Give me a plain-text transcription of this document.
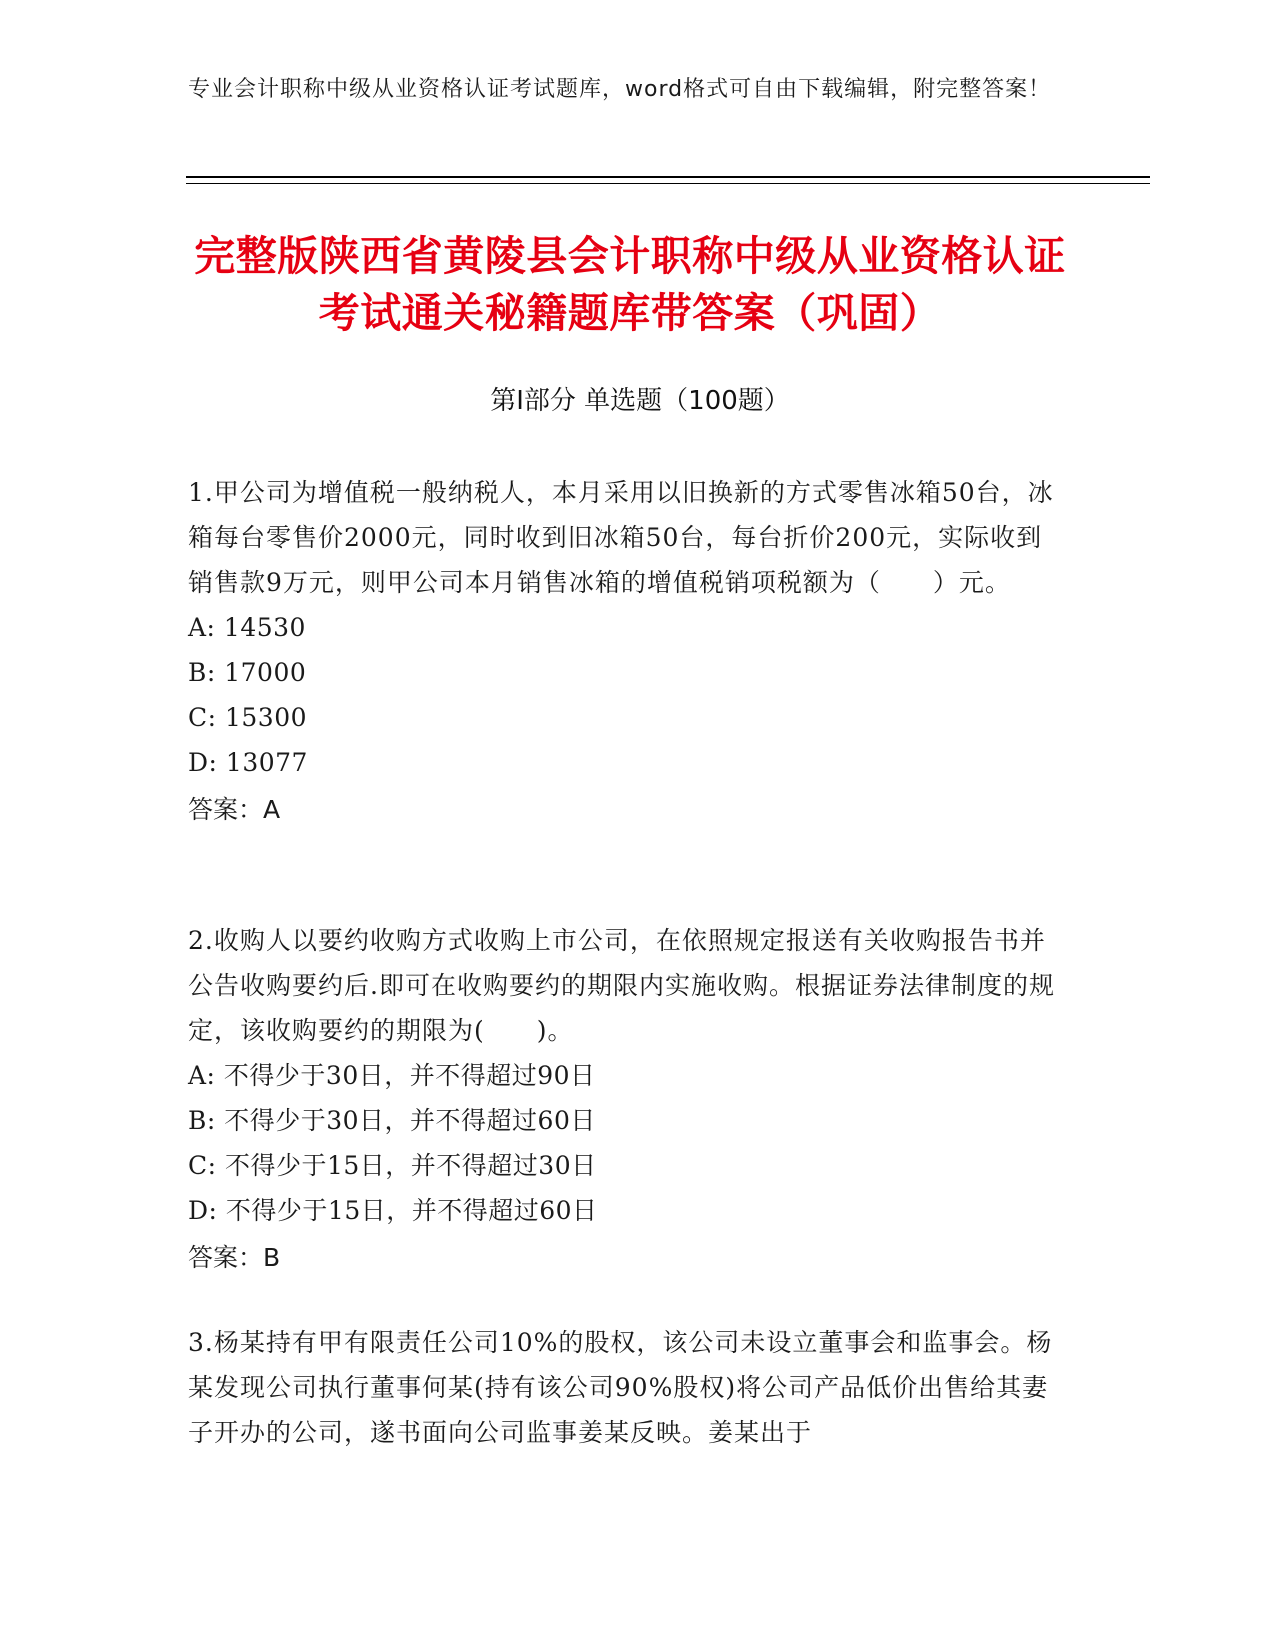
专业会计职称中级从业资格认证考试题库，word格式可自由下载编辑，附完整答案！
完整版陕西省黄陵县会计职称中级从业资格认证考试通关秘籍题库带答案（巩固）
第Ⅰ部分 单选题（100题）
1.甲公司为增值税一般纳税人，本月采用以旧换新的方式零售冰箱50台，冰箱每台零售价2000元，同时收到旧冰箱50台，每台折价200元，实际收到销售款9万元，则甲公司本月销售冰箱的增值税销项税额为（　　）元。
A: 14530
B: 17000
C: 15300
D: 13077
答案：A
2.收购人以要约收购方式收购上市公司，在依照规定报送有关收购报告书并公告收购要约后.即可在收购要约的期限内实施收购。根据证券法律制度的规定，该收购要约的期限为(　　)。
A: 不得少于30日，并不得超过90日
B: 不得少于30日，并不得超过60日
C: 不得少于15日，并不得超过30日
D: 不得少于15日，并不得超过60日
答案：B
3.杨某持有甲有限责任公司10%的股权，该公司未设立董事会和监事会。杨某发现公司执行董事何某(持有该公司90%股权)将公司产品低价出售给其妻子开办的公司，遂书面向公司监事姜某反映。姜某出于
